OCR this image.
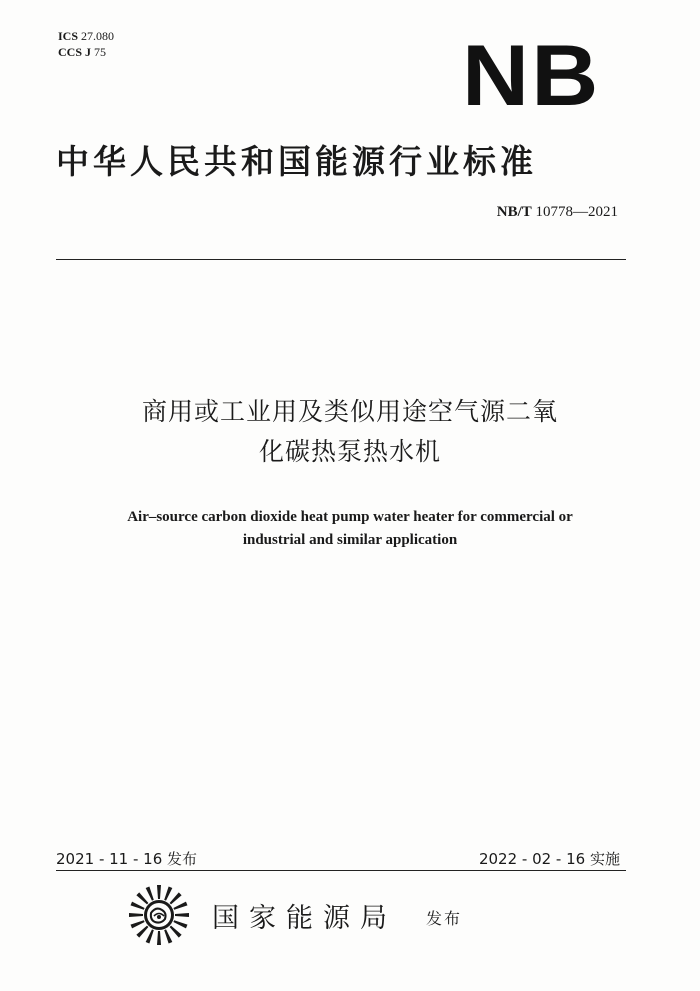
ICS 27.080
CCS J 75	NB
中华人民共和国能源行业标准
NB/T 10778—2021
商用或工业用及类似用途空气源二氧
化碳热泵热水机
Air–source carbon dioxide heat pump water heater for commercial or
industrial and similar application
2021 - 11 - 16 发布	2022 - 02 - 16 实施
国家能源局 发布
